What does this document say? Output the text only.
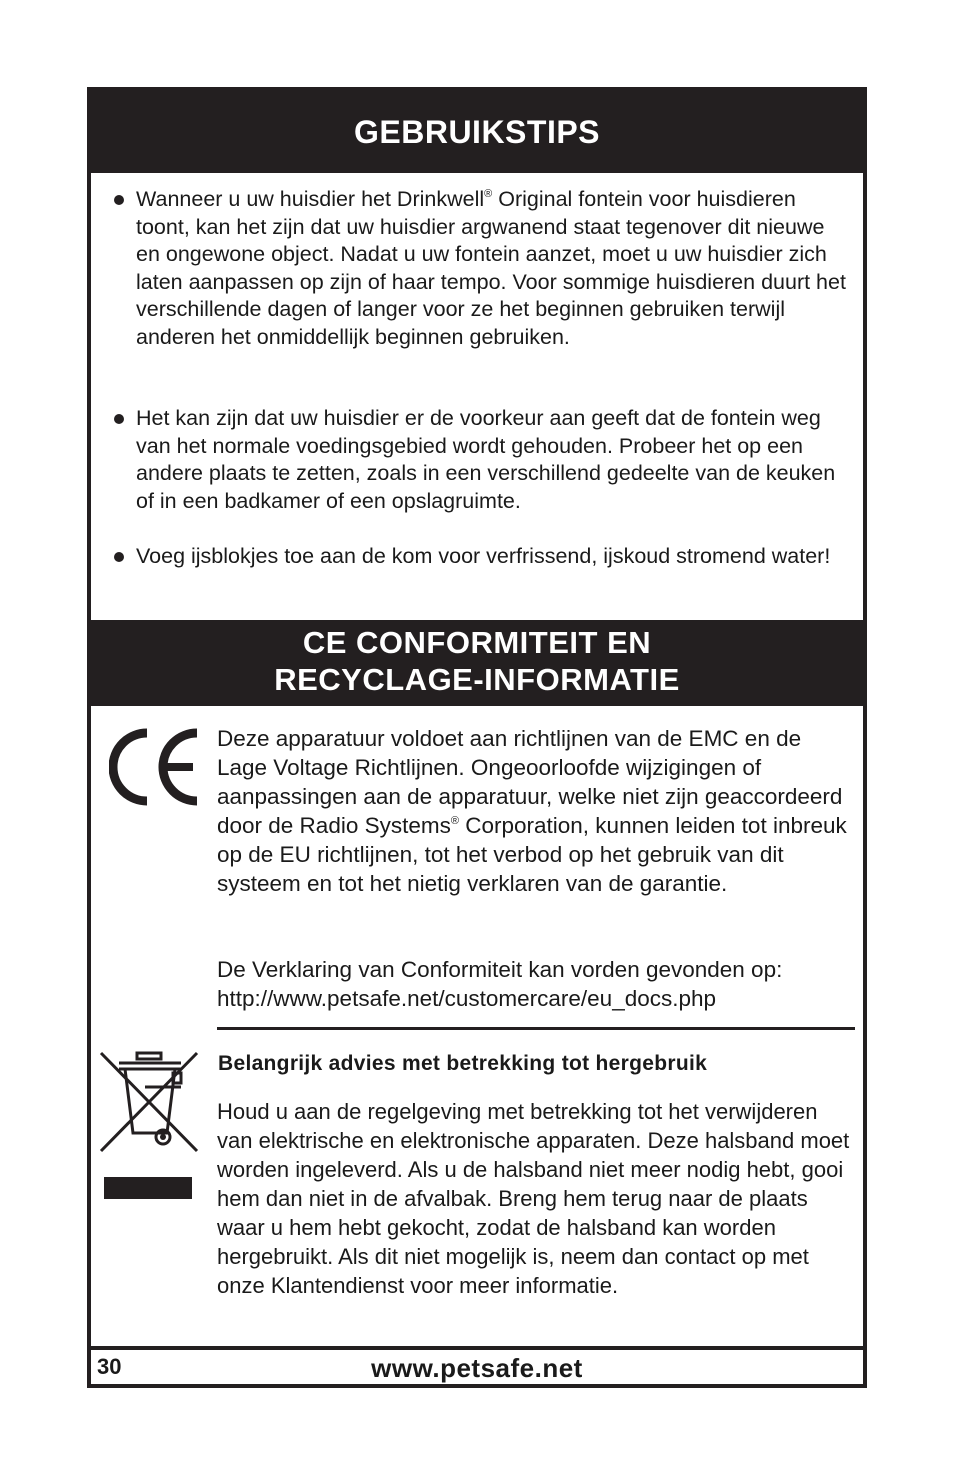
GEBRUIKSTIPS
Wanneer u uw huisdier het Drinkwell® Original fontein voor huisdieren toont, kan het zijn dat uw huisdier argwanend staat tegenover dit nieuwe en ongewone object. Nadat u uw fontein aanzet, moet u uw huisdier zich laten aanpassen op zijn of haar tempo. Voor sommige huisdieren duurt het verschillende dagen of langer voor ze het beginnen gebruiken terwijl anderen het onmiddellijk beginnen gebruiken.
Het kan zijn dat uw huisdier er de voorkeur aan geeft dat de fontein weg van het normale voedingsgebied wordt gehouden. Probeer het op een andere plaats te zetten, zoals in een verschillend gedeelte van de keuken of in een badkamer of een opslagruimte.
Voeg ijsblokjes toe aan de kom voor verfrissend, ijskoud stromend water!
CE CONFORMITEIT EN
RECYCLAGE-INFORMATIE
Deze apparatuur voldoet aan richtlijnen van de EMC en de Lage Voltage Richtlijnen. Ongeoorloofde wijzigingen of aanpassingen aan de apparatuur, welke niet zijn geaccordeerd door de Radio Systems® Corporation, kunnen leiden tot inbreuk op de EU richtlijnen, tot het verbod op het gebruik van dit systeem en tot het nietig verklaren van de garantie.
De Verklaring van Conformiteit kan vorden gevonden op:
http://www.petsafe.net/customercare/eu_docs.php
Belangrijk advies met betrekking tot hergebruik
Houd u aan de regelgeving met betrekking tot het verwijderen van elektrische en elektronische apparaten. Deze halsband moet worden ingeleverd. Als u de halsband niet meer nodig hebt, gooi hem dan niet in de afvalbak. Breng hem terug naar de plaats waar u hem hebt gekocht, zodat de halsband kan worden hergebruikt. Als dit niet mogelijk is, neem dan contact op met onze Klantendienst voor meer informatie.
30	www.petsafe.net
